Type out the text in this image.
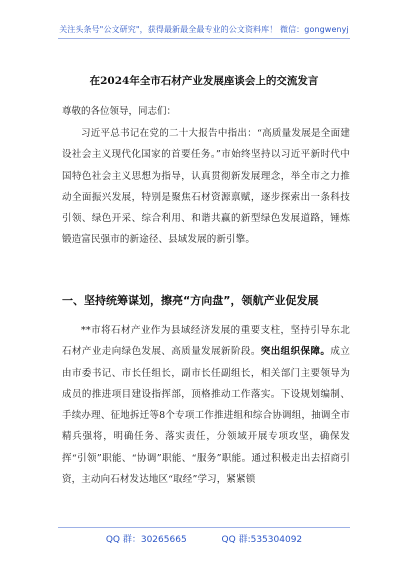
关注头条号"公文研究"，获得最新最全最专业的公文资料库！ 微信：gongwenyj
在2024年全市石材产业发展座谈会上的交流发言
尊敬的各位领导，同志们：
习近平总书记在党的二十大报告中指出：“高质量发展是全面建设社会主义现代化国家的首要任务。”市始终坚持以习近平新时代中国特色社会主义思想为指导，认真贯彻新发展理念，举全市之力推动全面振兴发展，特别是聚焦石材资源禀赋，逐步探索出一条科技引领、绿色开采、综合利用、和谐共赢的新型绿色发展道路，锤炼锻造富民强市的新途径、县域发展的新引擎。
一、坚持统筹谋划，擦亮“方向盘”，领航产业促发展
**市将石材产业作为县域经济发展的重要支柱，坚持引导东北石材产业走向绿色发展、高质量发展新阶段。突出组织保障。成立由市委书记、市长任组长，副市长任副组长，相关部门主要领导为成员的推进项目建设指挥部，顶格推动工作落实。下设规划编制、手续办理、征地拆迁等8个专项工作推进组和综合协调组，抽调全市精兵强将，明确任务、落实责任，分领域开展专项攻坚，确保发挥“引领”职能、“协调”职能、“服务”职能。通过积极走出去招商引资，主动向石材发达地区“取经”学习，紧紧锁
QQ 群：30265665	QQ 群:535304092
